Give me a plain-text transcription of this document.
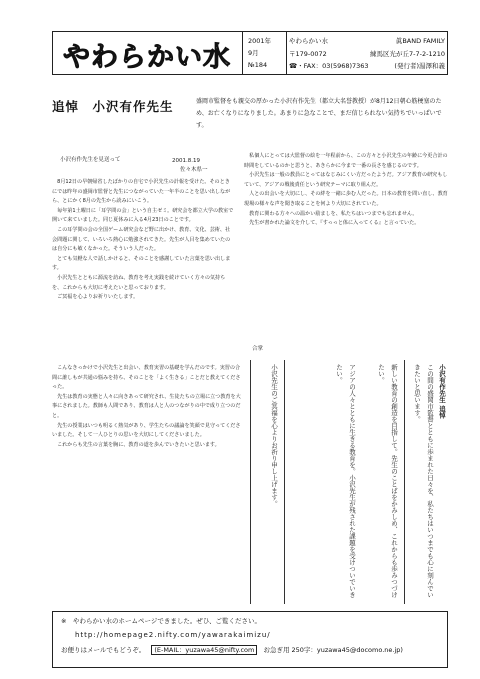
やわらかい水
2001年
9月
№184
やわらかい水	眞BAND FAMILY
〒179-0072	練馬区光が丘7-7-2-1210
☎・FAX：03(5968)7363	(発行者)湯澤和義
追悼　小沢有作先生	盛岡市監督をも親交の厚かった小沢有作先生（都立大名誉教授）が8月12日朝心筋梗塞のため、お亡くなりになりました。あまりに急なことで、まだ信じられない気持ちでいっぱいです。
小沢有作先生を見送って	2001.8.19
佐々木県一

8月12日の早朝帰省したばかりの自宅で小沢先生の計報を受けた。そのときにでは昨年の盛岡市監督と先生につながっていた一年半のことを思い出しながら、とにかく8月の先生から読みにいこう。

毎年第1土曜日に「耳学問の会」という自主ゼミ。研究会を都立大学の教室で開いて来ていました。同じ夏休みに入る4月23日のことです。

この耳学問の会の全国ゲーム研究会など野に出かけ、教育、文化、芸術、社会問題に関して、いろいろ熱心に勉強されてきた。先生が人目を集めていたのは自分にも敏くなかった。そういう人だった。

とても気軽な人で話しかけると、そのことを感謝していた言葉を思い出します。

小沢先生とともに源流を訪ね、教育を考え実践を続けていく方々の気持ちを、これからも大切に考えたいと思っております。

ご冥福を心よりお祈りいたします。

私個人にとっては大監督の絵を一年程前から、この方々と小沢先生の年齢に今更合計の時間をしているのかと思うと、あきらかに今まで一番の長さを感じるのです。

小沢先生は一般の教員にとってはなじみにくい方だったようだ。アジア教育の研究もしていて、アジアの戦後責任という研究テーマに取り組んだ。

人との出会いを大切にし、その絆を一緒に歩む人だった。日本の教育を問い直し、教育現場の様々な声を聞き取ることを何より大切にされていた。

教育に関わる方々への温かい励ましを、私たちはいつまでも忘れません。

先生が書かれた論文を介して、『すっっと体に入ってくる』と言っていた。

合掌

こんなきっかけで小沢先生と出会い、教育実習の基礎を学んだのです。実習の合間に誰しもが共通の悩みを持ち、そのことを「よく生きる」ことだと教えてくださった。

先生は教育の実態と人々に向きあって研究され、生徒たちの立場に立つ教育を大事にされました。教師も人間であり、教育は人と人のつながりの中で成り立つのだと。

先生の授業はいつも明るく熱気があり、学生たちの議論を笑顔で見守ってくださいました。そして一人ひとりの思いを大切にしてくださいました。

これからも先生の言葉を胸に、教育の道を歩んでいきたいと思います。	小沢先生のご冥福を心よりお祈り申し上げます。	アジアの人々とともに生きる教育を。小沢先生が残された課題を受けついでいきたい。	新しい教育の創造を目指して。先生のことばをかみしめ、これからも歩みつづけたい。	この間の盛岡市監督とともに歩まれた日々を、私たちはいつまでも心に刻んでいきたいと思います。	小沢有作先生 追悼
※　やわらかい水のホームページできました。ぜひ、ご覧ください。
http://homepage2.nifty.com/yawarakaimizu/
お便りはメールでもどうぞ。 (E-MAIL：yuzawa45@nifty.com お急ぎ用 250字：yuzawa45@docomo.ne.jp)
